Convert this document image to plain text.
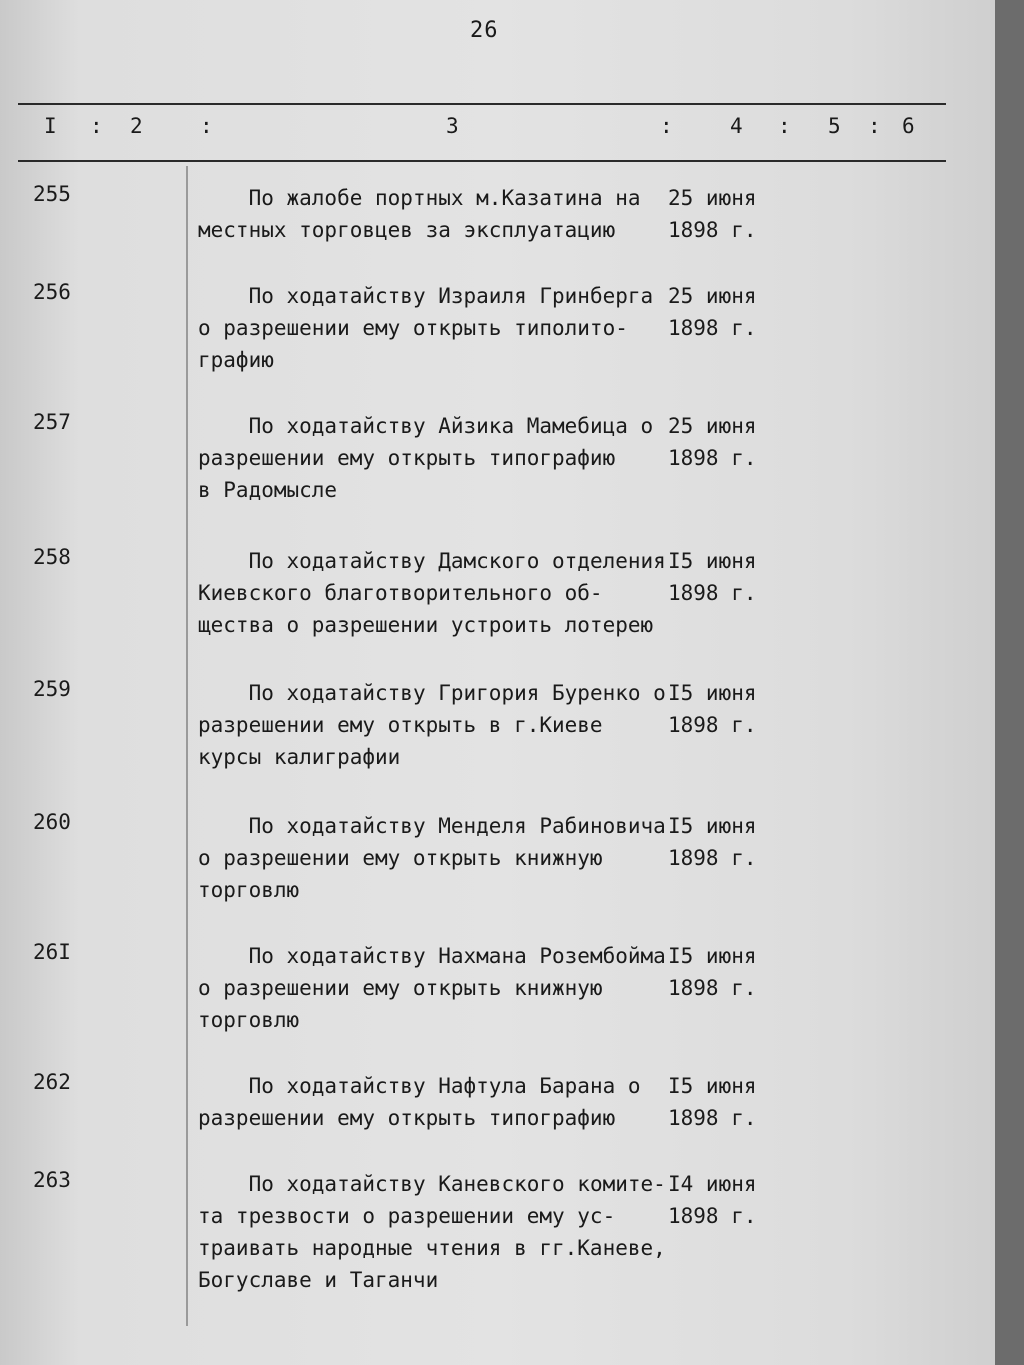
26
I : 2	:	3	:	4 : 5 : 6
255	По жалобе портных м.Казатина на
местных торговцев за эксплуатацию
25 июня
1898 г.
256	По ходатайству Израиля Гринберга
о разрешении ему открыть типолито-
графию
25 июня
1898 г.
257	По ходатайству Айзика Мамебица о
разрешении ему открыть типографию
в Радомысле
25 июня
1898 г.
258	По ходатайству Дамского отделения
Киевского благотворительного об-
щества о разрешении устроить лотерею
I5 июня
1898 г.
259	По ходатайству Григория Буренко о
разрешении ему открыть в г.Киеве
курсы калиграфии
I5 июня
1898 г.
260	По ходатайству Менделя Рабиновича
о разрешении ему открыть книжную
торговлю
I5 июня
1898 г.
26I	По ходатайству Нахмана Розембойма
о разрешении ему открыть книжную
торговлю
I5 июня
1898 г.
262	По ходатайству Нафтула Барана о
разрешении ему открыть типографию
I5 июня
1898 г.
263	По ходатайству Каневского комите-
та трезвости о разрешении ему ус-
траивать народные чтения в гг.Каневе,
Богуславе и Таганчи
I4 июня
1898 г.
